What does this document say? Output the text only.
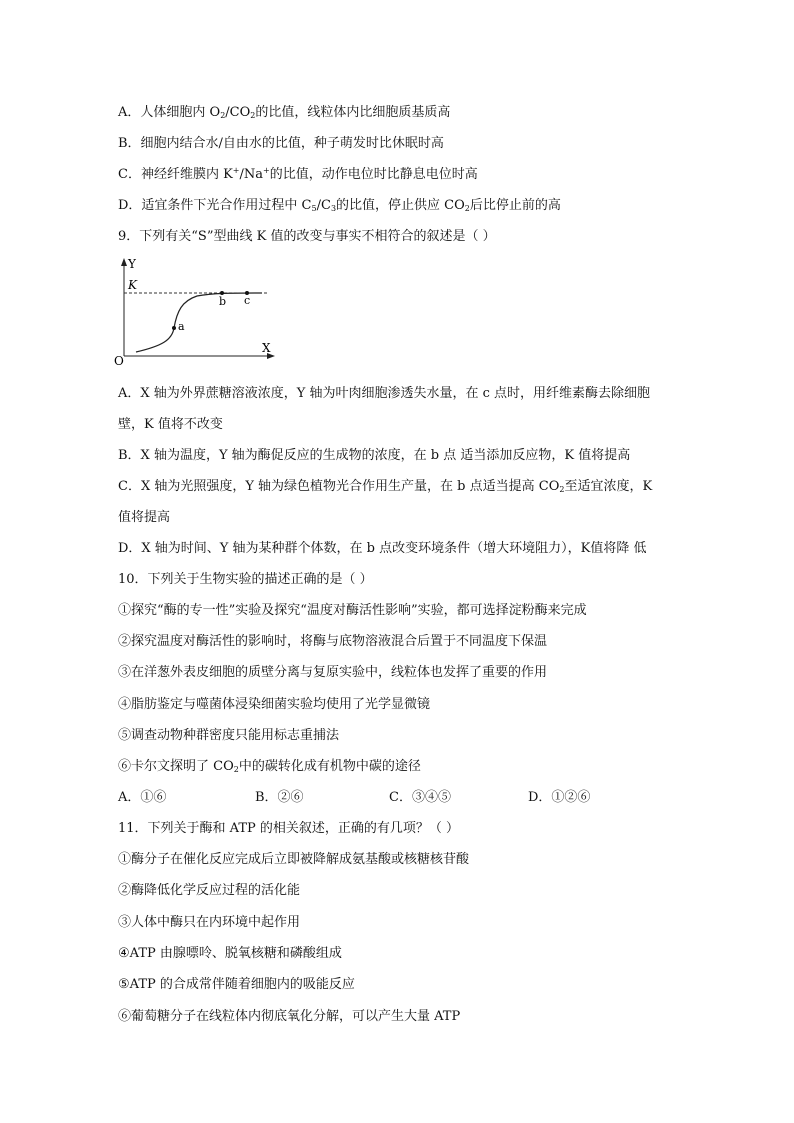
A．人体细胞内 $O_2/CO_2$的比值，线粒体内比细胞质基质高
B．细胞内结合水/自由水的比值，种子萌发时比休眠时高
C．神经纤维膜内 K+/Na+的比值，动作电位时比静息电位时高
D．适宜条件下光合作用过程中 $C_5/C_3$的比值，停止供应 $CO_2$后比停止前的高
9．下列有关“S”型曲线 K 值的改变与事实不相符合的叙述是（ ）
Y
K
a
b c
X
O
A．X 轴为外界蔗糖溶液浓度，Y 轴为叶肉细胞渗透失水量，在 c 点时，用纤维素酶去除细胞
壁，K 值将不改变
B．X 轴为温度，Y 轴为酶促反应的生成物的浓度，在 b 点 适当添加反应物，K 值将提高
C．X 轴为光照强度，Y 轴为绿色植物光合作用生产量，在 b 点适当提高 $CO_2$至适宜浓度，K
值将提高
D．X 轴为时间、Y 轴为某种群个体数，在 b 点改变环境条件（增大环境阻力），K值将降 低
10．下列关于生物实验的描述正确的是（ ）
①探究“酶的专一性”实验及探究“温度对酶活性影响”实验，都可选择淀粉酶来完成
②探究温度对酶活性的影响时，将酶与底物溶液混合后置于不同温度下保温
③在洋葱外表皮细胞的质壁分离与复原实验中，线粒体也发挥了重要的作用
④脂肪鉴定与噬菌体浸染细菌实验均使用了光学显微镜
⑤调查动物种群密度只能用标志重捕法
⑥卡尔文探明了 $CO_2$中的碳转化成有机物中碳的途径
A．①⑥	B．②⑥	C．③④⑤	D．①②⑥
11．下列关于酶和 ATP 的相关叙述，正确的有几项？（ ）
①酶分子在催化反应完成后立即被降解成氨基酸或核糖核苷酸
②酶降低化学反应过程的活化能
③人体中酶只在内环境中起作用
④ATP 由腺嘌呤、脱氧核糖和磷酸组成
⑤ATP 的合成常伴随着细胞内的吸能反应
⑥葡萄糖分子在线粒体内彻底氧化分解，可以产生大量 ATP
